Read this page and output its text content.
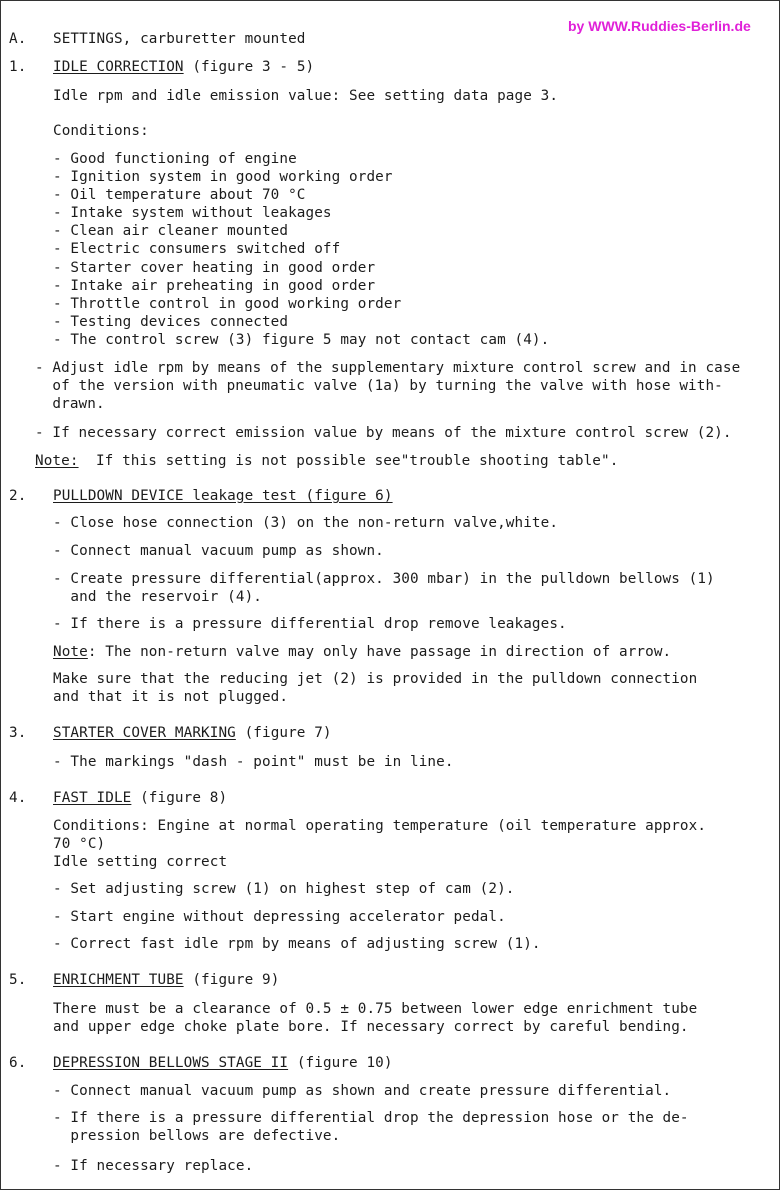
by WWW.Ruddies-Berlin.de
A. SETTINGS, carburetter mounted
1. IDLE CORRECTION (figure 3 - 5)
Idle rpm and idle emission value: See setting data page 3.
Conditions:
- Good functioning of engine
- Ignition system in good working order
- Oil temperature about 70 °C
- Intake system without leakages
- Clean air cleaner mounted
- Electric consumers switched off
- Starter cover heating in good order
- Intake air preheating in good order
- Throttle control in good working order
- Testing devices connected
- The control screw (3) figure 5 may not contact cam (4).
- Adjust idle rpm by means of the supplementary mixture control screw and in case
of the version with pneumatic valve (1a) by turning the valve with hose with-
drawn.
- If necessary correct emission value by means of the mixture control screw (2).
Note:  If this setting is not possible see"trouble shooting table".
2. PULLDOWN DEVICE leakage test (figure 6)
- Close hose connection (3) on the non-return valve,white.
- Connect manual vacuum pump as shown.
- Create pressure differential(approx. 300 mbar) in the pulldown bellows (1)
and the reservoir (4).
- If there is a pressure differential drop remove leakages.
Note: The non-return valve may only have passage in direction of arrow.
Make sure that the reducing jet (2) is provided in the pulldown connection
and that it is not plugged.
3. STARTER COVER MARKING (figure 7)
- The markings "dash - point" must be in line.
4. FAST IDLE (figure 8)
Conditions: Engine at normal operating temperature (oil temperature approx.
70 °C)
Idle setting correct
- Set adjusting screw (1) on highest step of cam (2).
- Start engine without depressing accelerator pedal.
- Correct fast idle rpm by means of adjusting screw (1).
5. ENRICHMENT TUBE (figure 9)
There must be a clearance of 0.5 ± 0.75 between lower edge enrichment tube
and upper edge choke plate bore. If necessary correct by careful bending.
6. DEPRESSION BELLOWS STAGE II (figure 10)
- Connect manual vacuum pump as shown and create pressure differential.
- If there is a pressure differential drop the depression hose or the de-
pression bellows are defective.
- If necessary replace.
